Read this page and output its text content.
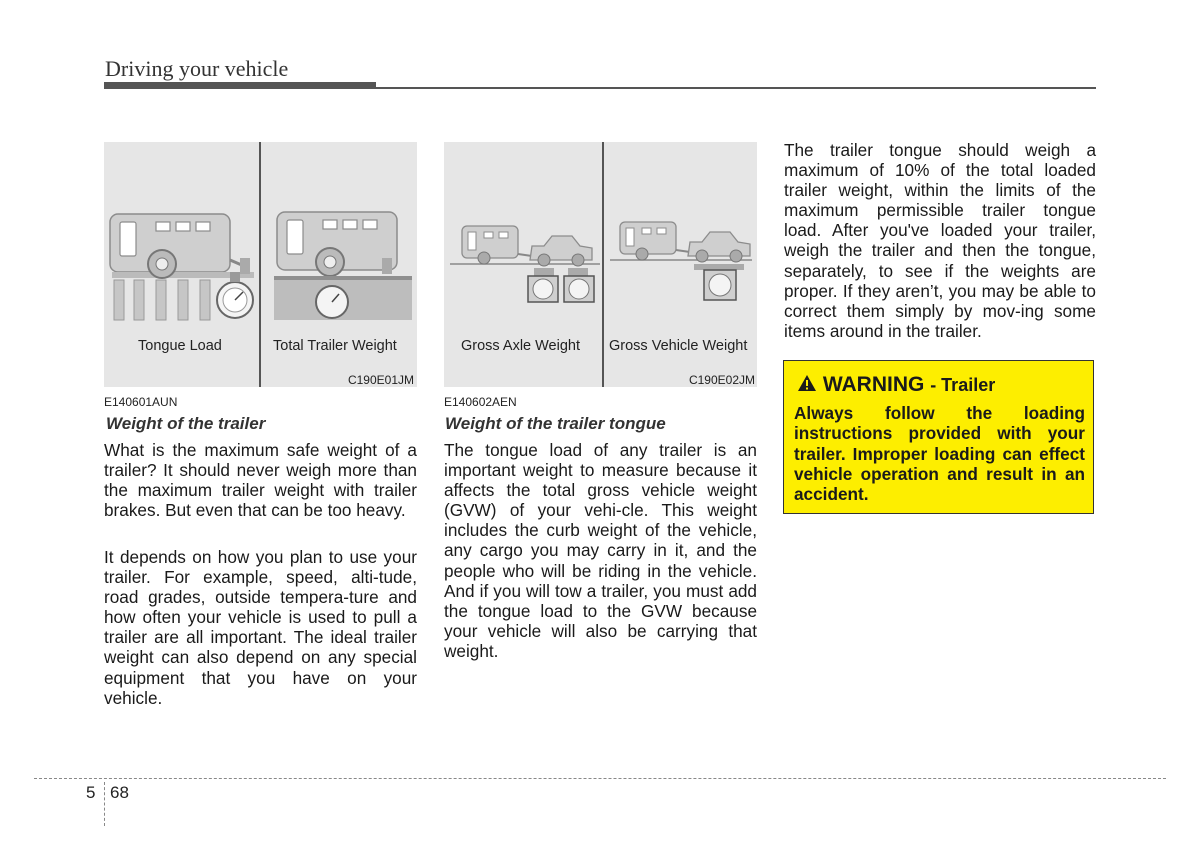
Driving your vehicle
Tongue Load	Total Trailer Weight
C190E01JM
E140601AUN
Gross Axle Weight Gross Vehicle Weight
C190E02JM
E140602AEN
Weight of the trailer
What is the maximum safe weight of a trailer? It should never weigh more than the maximum trailer weight with trailer brakes. But even that can be too heavy.
It depends on how you plan to use your trailer. For example, speed, alti-tude, road grades, outside tempera-ture and how often your vehicle is used to pull a trailer are all important. The ideal trailer weight can also depend on any special equipment that you have on your vehicle.
Weight of the trailer tongue
The tongue load of any trailer is an important weight to measure because it affects the total gross vehicle weight (GVW) of your vehi-cle. This weight includes the curb weight of the vehicle, any cargo you may carry in it, and the people who will be riding in the vehicle. And if you will tow a trailer, you must add the tongue load to the GVW because your vehicle will also be carrying that weight.
The trailer tongue should weigh a maximum of 10% of the total loaded trailer weight, within the limits of the maximum permissible trailer tongue load. After you've loaded your trailer, weigh the trailer and then the tongue, separately, to see if the weights are proper. If they aren’t, you may be able to correct them simply by mov-ing some items around in the trailer.
WARNING - Trailer
Always follow the loading instructions provided with your trailer. Improper loading can effect vehicle operation and result in an accident.
5 68
